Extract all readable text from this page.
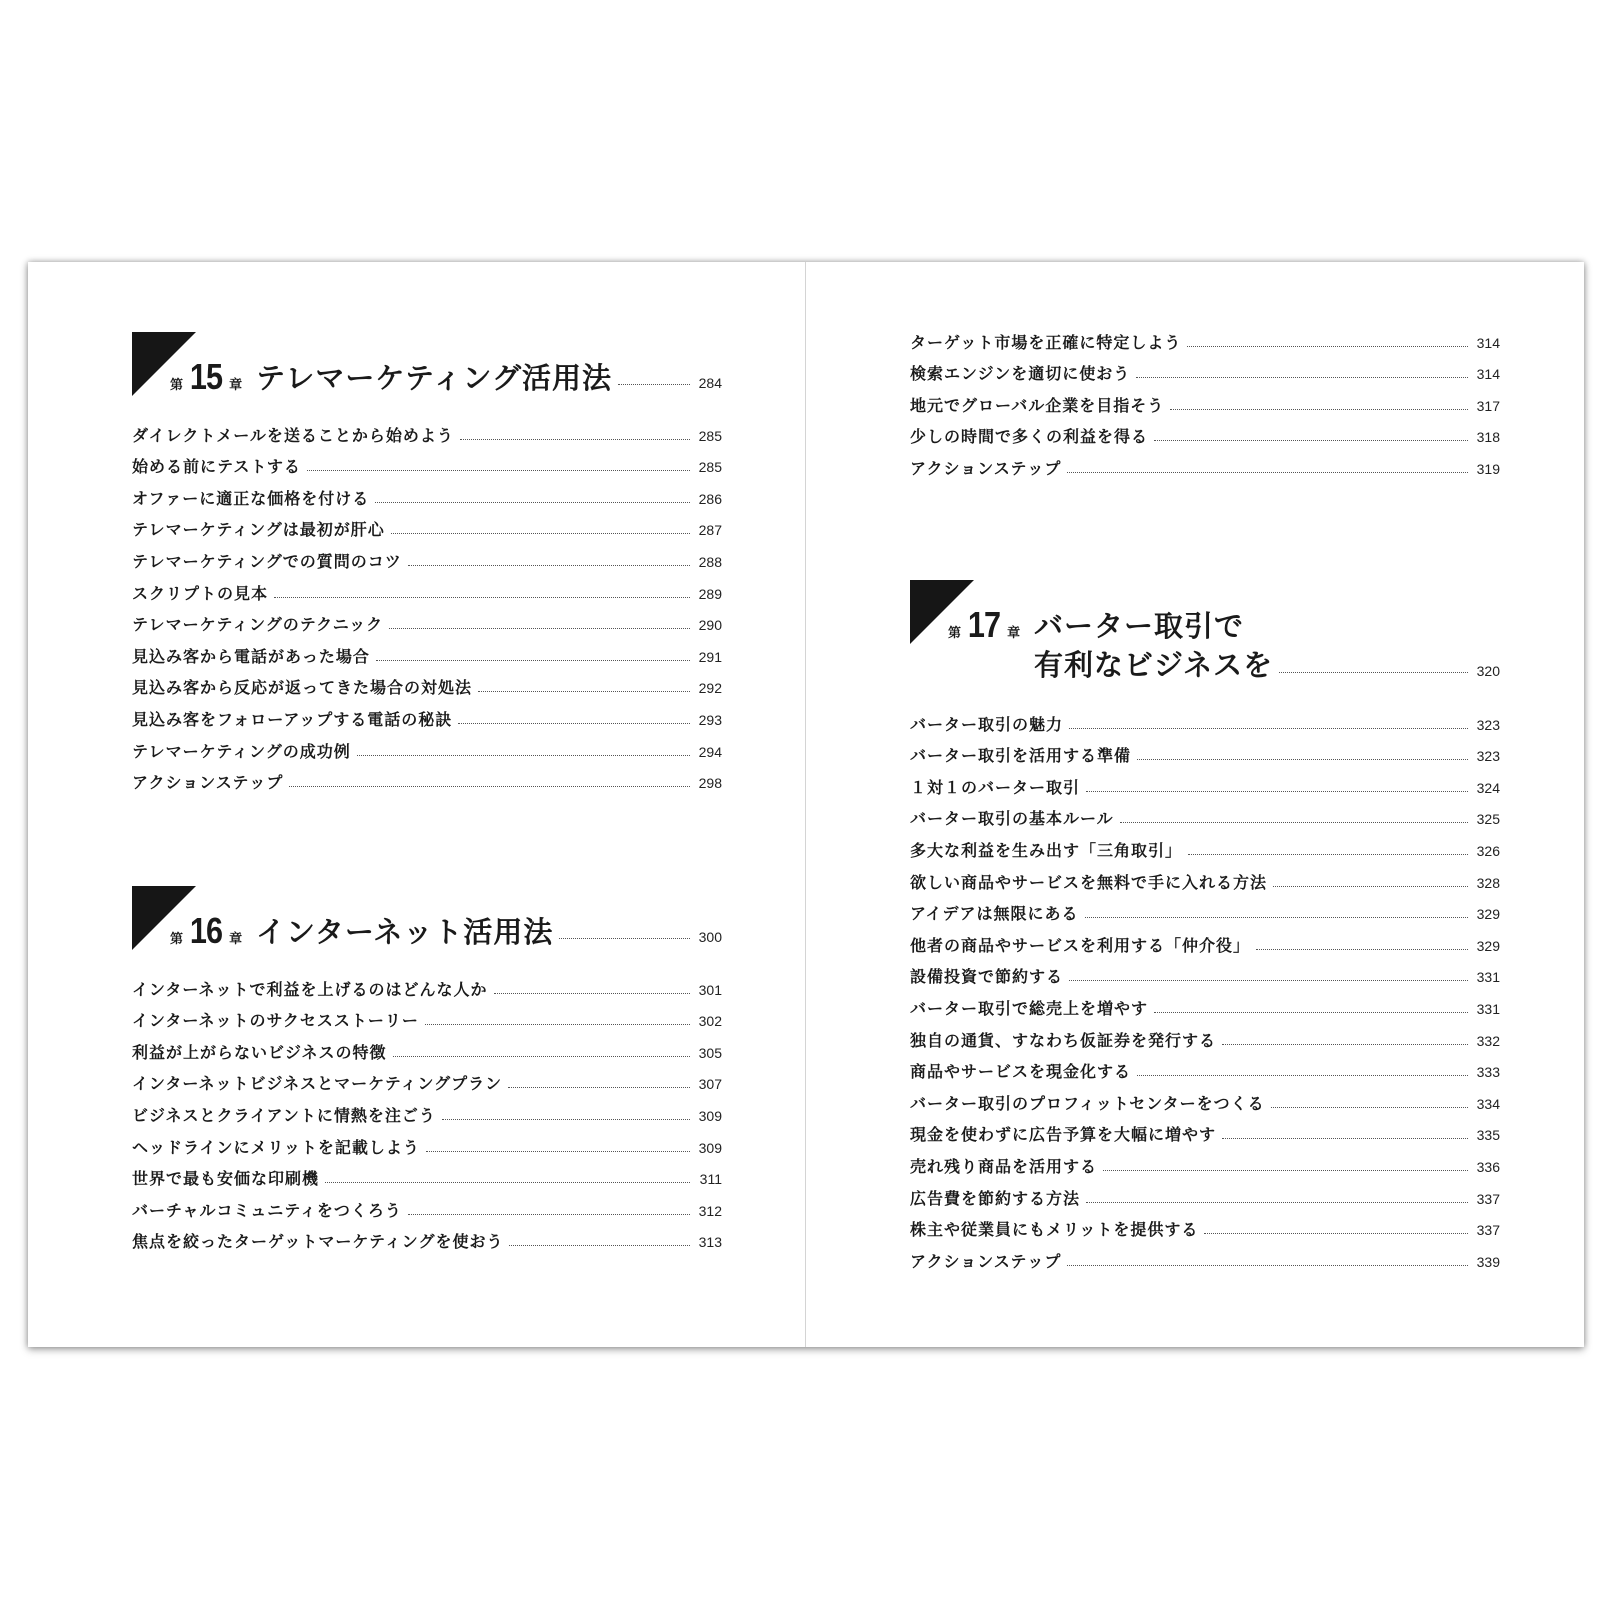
第 15 章 テレマーケティング活用法	284
ダイレクトメールを送ることから始めよう	285
始める前にテストする	285
オファーに適正な価格を付ける	286
テレマーケティングは最初が肝心	287
テレマーケティングでの質問のコツ	288
スクリプトの見本	289
テレマーケティングのテクニック	290
見込み客から電話があった場合	291
見込み客から反応が返ってきた場合の対処法	292
見込み客をフォローアップする電話の秘訣	293
テレマーケティングの成功例	294
アクションステップ	298
第 16 章 インターネット活用法	300
インターネットで利益を上げるのはどんな人か	301
インターネットのサクセスストーリー	302
利益が上がらないビジネスの特徴	305
インターネットビジネスとマーケティングプラン	307
ビジネスとクライアントに情熱を注ごう	309
ヘッドラインにメリットを記載しよう	309
世界で最も安価な印刷機	311
バーチャルコミュニティをつくろう	312
焦点を絞ったターゲットマーケティングを使おう	313
ターゲット市場を正確に特定しよう	314
検索エンジンを適切に使おう	314
地元でグローバル企業を目指そう	317
少しの時間で多くの利益を得る	318
アクションステップ	319
第 17 章 バーター取引で
有利なビジネスを	320
バーター取引の魅力	323
バーター取引を活用する準備	323
１対１のバーター取引	324
バーター取引の基本ルール	325
多大な利益を生み出す「三角取引」	326
欲しい商品やサービスを無料で手に入れる方法	328
アイデアは無限にある	329
他者の商品やサービスを利用する「仲介役」	329
設備投資で節約する	331
バーター取引で総売上を増やす	331
独自の通貨、すなわち仮証券を発行する	332
商品やサービスを現金化する	333
バーター取引のプロフィットセンターをつくる	334
現金を使わずに広告予算を大幅に増やす	335
売れ残り商品を活用する	336
広告費を節約する方法	337
株主や従業員にもメリットを提供する	337
アクションステップ	339
